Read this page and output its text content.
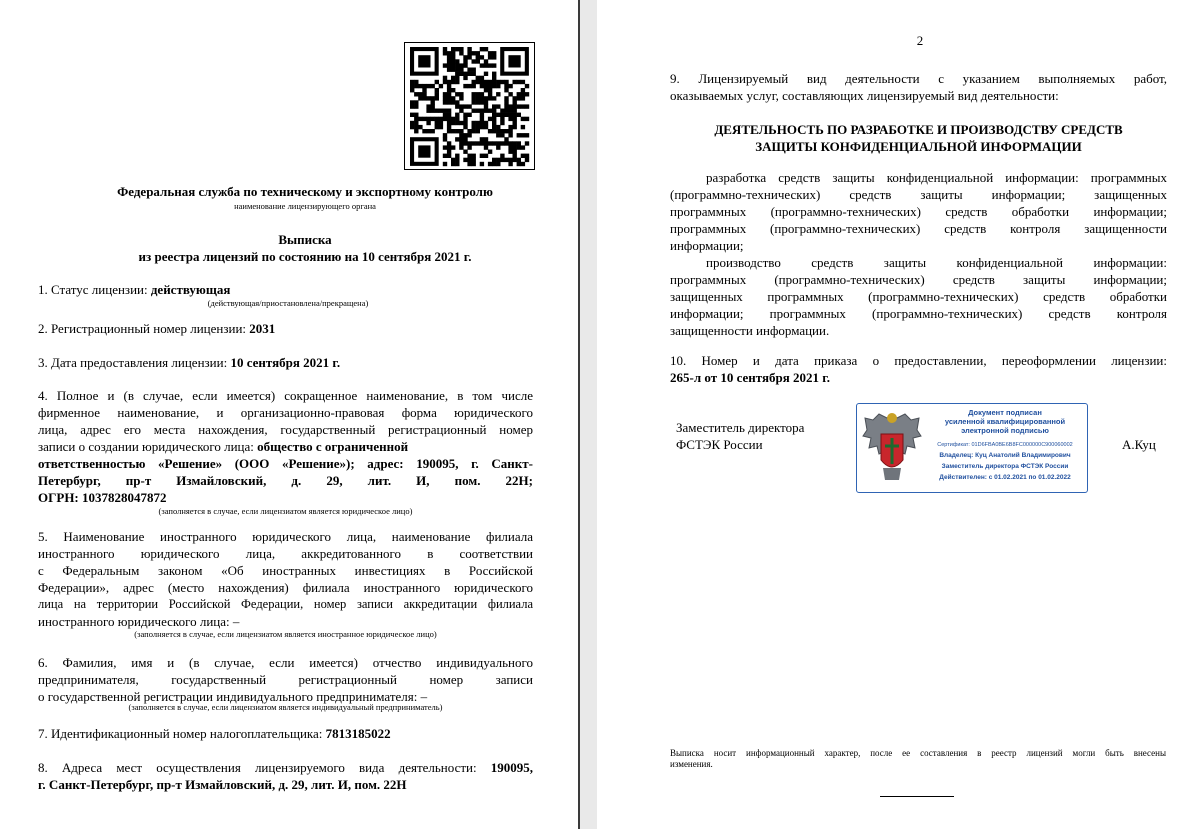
Федеральная служба по техническому и экспортному контролю
наименование лицензирующего органа
Выписка
из реестра лицензий по состоянию на 10 сентября 2021 г.
1. Статус лицензии: действующая
(действующая/приостановлена/прекращена)
2. Регистрационный номер лицензии: 2031
3. Дата предоставления лицензии: 10 сентября 2021 г.
4. Полное и (в случае, если имеется) сокращенное наименование, в том числе
фирменное наименование, и организационно-правовая форма юридического
лица, адрес его места нахождения, государственный регистрационный номер
записи о создании юридического лица: общество с ограниченной
ответственностью «Решение» (ООО «Решение»); адрес: 190095, г. Санкт-
Петербург, пр-т Измайловский, д. 29, лит. И, пом. 22Н;
ОГРН: 1037828047872
(заполняется в случае, если лицензиатом является юридическое лицо)
5. Наименование иностранного юридического лица, наименование филиала
иностранного юридического лица, аккредитованного в соответствии
с Федеральным законом «Об иностранных инвестициях в Российской
Федерации», адрес (место нахождения) филиала иностранного юридического
лица на территории Российской Федерации, номер записи аккредитации филиала
иностранного юридического лица: –
(заполняется в случае, если лицензиатом является иностранное юридическое лицо)
6. Фамилия, имя и (в случае, если имеется) отчество индивидуального
предпринимателя, государственный регистрационный номер записи
о государственной регистрации индивидуального предпринимателя: –
(заполняется в случае, если лицензиатом является индивидуальный предприниматель)
7. Идентификационный номер налогоплательщика: 7813185022
8. Адреса мест осуществления лицензируемого вида деятельности: 190095,
г. Санкт-Петербург, пр-т Измайловский, д. 29, лит. И, пом. 22Н
2
9. Лицензируемый вид деятельности с указанием выполняемых работ,
оказываемых услуг, составляющих лицензируемый вид деятельности:
ДЕЯТЕЛЬНОСТЬ ПО РАЗРАБОТКЕ И ПРОИЗВОДСТВУ СРЕДСТВ
ЗАЩИТЫ КОНФИДЕНЦИАЛЬНОЙ ИНФОРМАЦИИ
разработка средств защиты конфиденциальной информации: программных
(программно-технических) средств защиты информации; защищенных
программных (программно-технических) средств обработки информации;
программных (программно-технических) средств контроля защищенности
информации;
производство средств защиты конфиденциальной информации:
программных (программно-технических) средств защиты информации;
защищенных программных (программно-технических) средств обработки
информации; программных (программно-технических) средств контроля
защищенности информации.
10. Номер и дата приказа о предоставлении, переоформлении лицензии:
265-л от 10 сентября 2021 г.
Заместитель директора
ФСТЭК России	А.Куц
Документ подписан
усиленной квалифицированной
электронной подписью
Сертификат: 01D6FBA0BE6B8FC000000C900060002
Владелец: Куц Анатолий Владимирович
Заместитель директора ФСТЭК России
Действителен: с 01.02.2021 по 01.02.2022
Выписка носит информационный характер, после ее составления в реестр лицензий могли быть внесены
изменения.
